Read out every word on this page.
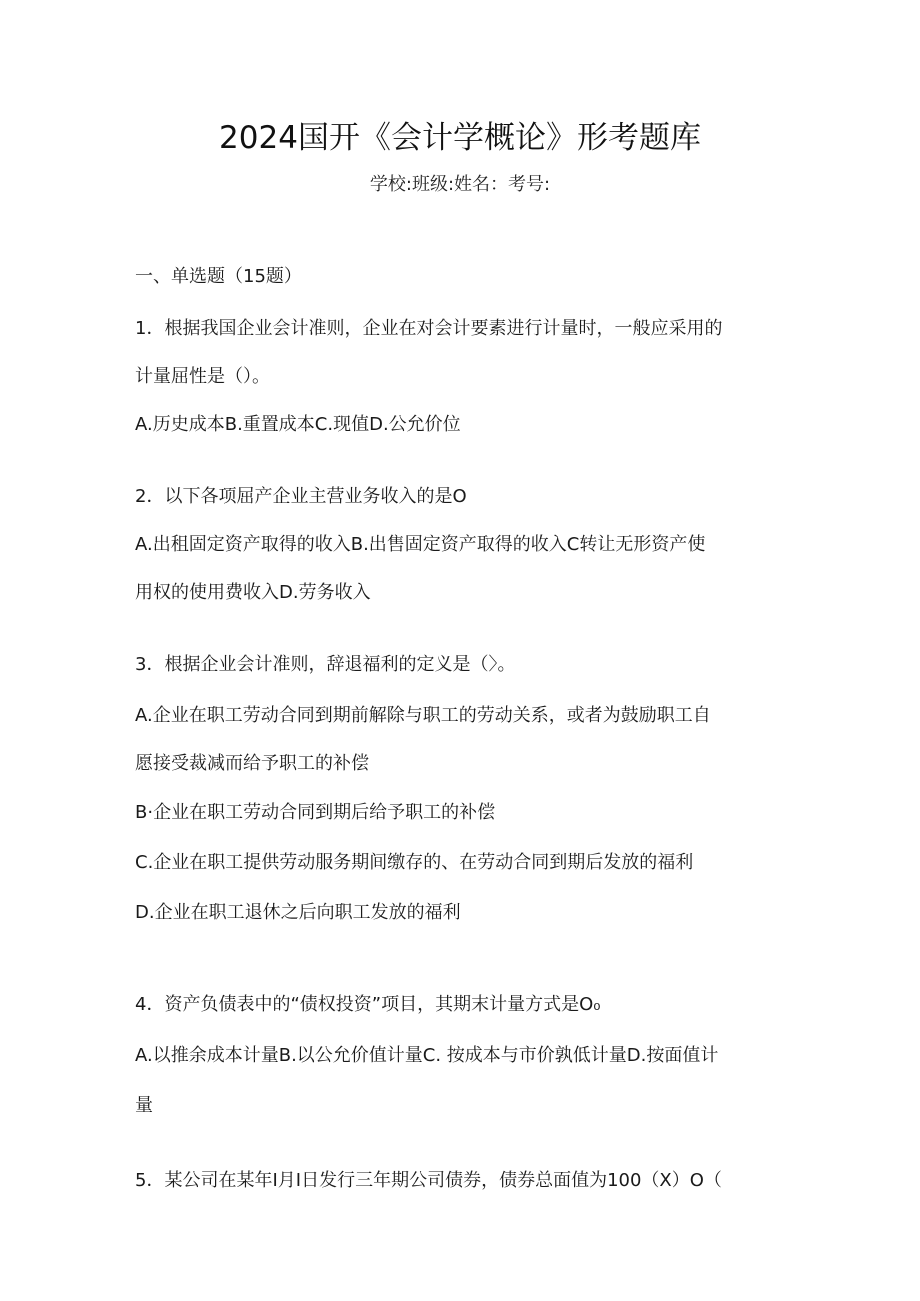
2024国开《会计学概论》形考题库
学校:班级:姓名：考号:
一、单选题（15题）
1．根据我国企业会计准则，企业在对会计要素进行计量时，一般应采用的
计量屈性是（）。
A.历史成本B.重置成本C.现值D.公允价位
2．以下各项屈产企业主营业务收入的是O
A.出租固定资产取得的收入B.出售固定资产取得的收入C转让无形资产使
用权的使用费收入D.劳务收入
3．根据企业会计准则，辞退福利的定义是（〉。
A.企业在职工劳动合同到期前解除与职工的劳动关系，或者为鼓励职工自
愿接受裁减而给予职工的补偿
B·企业在职工劳动合同到期后给予职工的补偿
C.企业在职工提供劳动服务期间缴存的、在劳动合同到期后发放的福利
D.企业在职工退休之后向职工发放的福利
4．资产负债表中的“债权投资”项目，其期末计量方式是O₀
A.以推余成本计量B.以公允价值计量C. 按成本与市价孰低计量D.按面值计
量
5．某公司在某年Ⅰ月Ⅰ日发行三年期公司债券，债券总面值为100（X）O（
